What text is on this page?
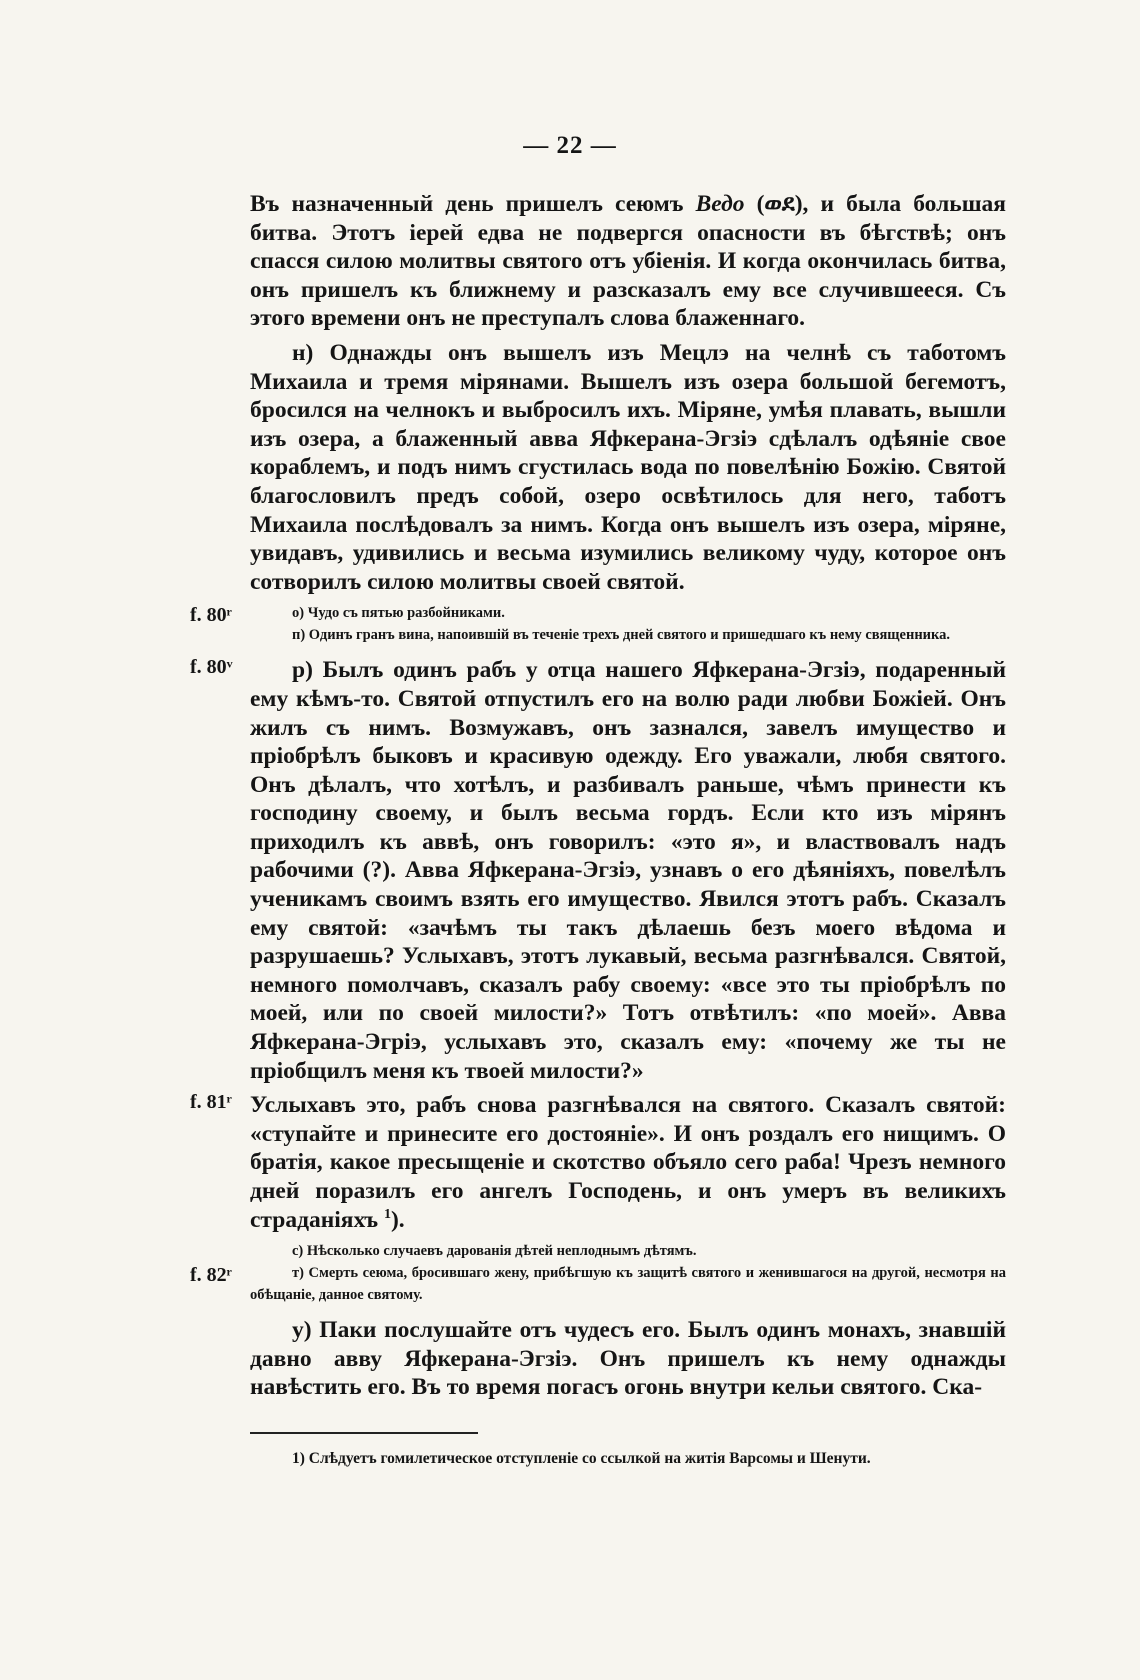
— 22 —

Въ назначенный день пришелъ сеюмъ Ведо (ወደ), и была большая битва. Этотъ іерей едва не подвергся опасности въ бѣгствѣ; онъ спасся силою молитвы святого отъ убіенія. И когда окончилась битва, онъ пришелъ къ ближнему и разсказалъ ему все случившееся. Съ этого времени онъ не преступалъ слова блаженнаго.

н) Однажды онъ вышелъ изъ Мецлэ на челнѣ съ таботомъ Михаила и тремя мірянами. Вышелъ изъ озера большой бегемотъ, бросился на челнокъ и выбросилъ ихъ. Міряне, умѣя плавать, вышли изъ озера, а блаженный авва Яфкерана-Эгзіэ сдѣлалъ одѣяніе свое кораблемъ, и подъ нимъ сгустилась вода по повелѣнію Божію. Святой благословилъ предъ собой, озеро освѣтилось для него, таботъ Михаила послѣдовалъ за нимъ. Когда онъ вышелъ изъ озера, міряне, увидавъ, удивились и весьма изумились великому чуду, которое онъ сотворилъ силою молитвы своей святой.

f. 80ʳ	о) Чудо съ пятью разбойниками.

п) Одинъ гранъ вина, напоившій въ теченіе трехъ дней святого и пришедшаго къ нему священника.

f. 80ᵛ	р) Былъ одинъ рабъ у отца нашего Яфкерана-Эгзіэ, подаренный ему кѣмъ-то. Святой отпустилъ его на волю ради любви Божіей. Онъ жилъ съ нимъ. Возмужавъ, онъ зазнался, завелъ имущество и пріобрѣлъ быковъ и красивую одежду. Его уважали, любя святого. Онъ дѣлалъ, что хотѣлъ, и разбивалъ раньше, чѣмъ принести къ господину своему, и былъ весьма гордъ. Если кто изъ мірянъ приходилъ къ аввѣ, онъ говорилъ: «это я», и властвовалъ надъ рабочими (?). Авва Яфкерана-Эгзіэ, узнавъ о его дѣяніяхъ, повелѣлъ ученикамъ своимъ взять его имущество. Явился этотъ рабъ. Сказалъ ему святой: «зачѣмъ ты такъ дѣлаешь безъ моего вѣдома и разрушаешь? Услыхавъ, этотъ лукавый, весьма разгнѣвался. Святой, немного помолчавъ, сказалъ рабу своему: «все это ты пріобрѣлъ по моей, или по своей милости?» Тотъ отвѣтилъ: «по моей». Авва Яфкерана-Эгріэ, услыхавъ это, сказалъ ему: «почему же ты не пріобщилъ меня къ твоей милости?»

f. 81ʳ Услыхавъ это, рабъ снова разгнѣвался на святого. Сказалъ святой: «ступайте и принесите его достояніе». И онъ роздалъ его нищимъ. О братія, какое пресыщеніе и скотство объяло сего раба! Чрезъ немного дней поразилъ его ангелъ Господень, и онъ умеръ въ великихъ страданіяхъ $^1$).

с) Нѣсколько случаевъ дарованія дѣтей неплоднымъ дѣтямъ.

f. 82ʳ	т) Смерть сеюма, бросившаго жену, прибѣгшую къ защитѣ святого и женившагося на другой, несмотря на обѣщаніе, данное святому.

у) Паки послушайте отъ чудесъ его. Былъ одинъ монахъ, знавшій давно авву Яфкерана-Эгзіэ. Онъ пришелъ къ нему однажды навѣстить его. Въ то время погасъ огонь внутри кельи святого. Ска-

1) Слѣдуетъ гомилетическое отступленіе со ссылкой на житія Варсомы и Шенути.
